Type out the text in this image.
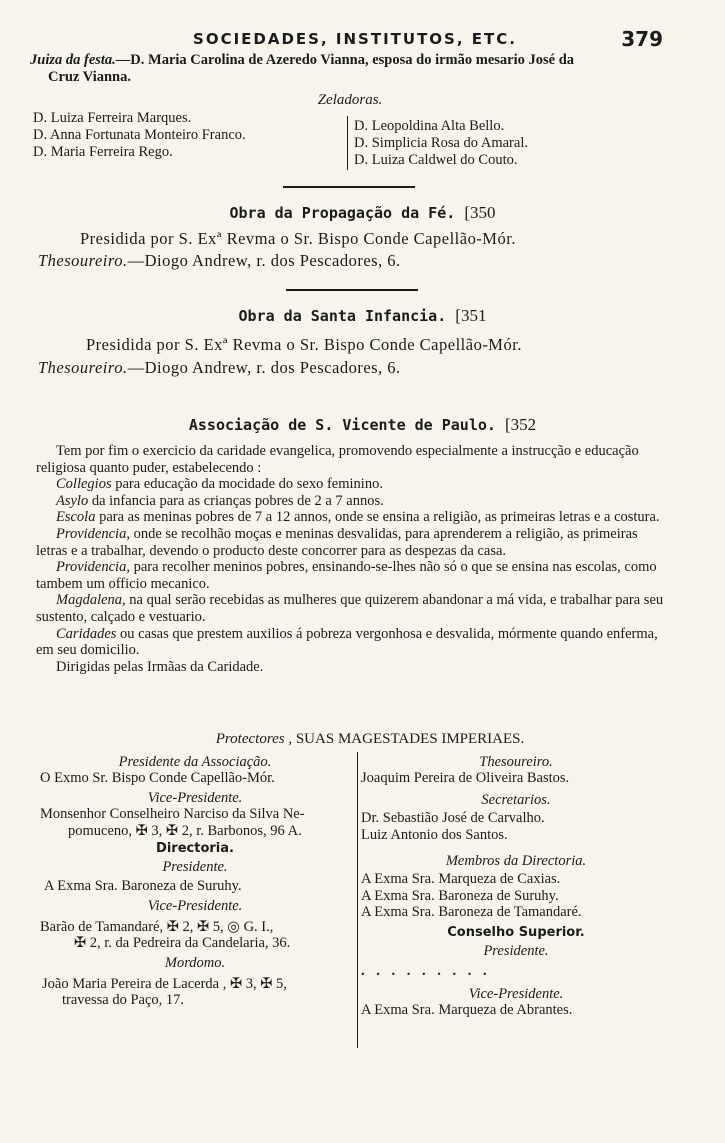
SOCIEDADES, INSTITUTOS, ETC.	379
Juiza da festa.—D. Maria Carolina de Azeredo Vianna, esposa do irmão mesario José da
Cruz Vianna.
Zeladoras.
D. Luiza Ferreira Marques.
D. Anna Fortunata Monteiro Franco.
D. Maria Ferreira Rego.
D. Leopoldina Alta Bello.
D. Simplicia Rosa do Amaral.
D. Luiza Caldwel do Couto.
Obra da Propagação da Fé. [350
Presidida por S. Exª Revma o Sr. Bispo Conde Capellão-Mór.
Thesoureiro.—Diogo Andrew, r. dos Pescadores, 6.
Obra da Santa Infancia. [351
Presidida por S. Exª Revma o Sr. Bispo Conde Capellão-Mór.
Thesoureiro.—Diogo Andrew, r. dos Pescadores, 6.
Associação de S. Vicente de Paulo. [352

Tem por fim o exercicio da caridade evangelica, promovendo especialmente a instrucção e educação religiosa quanto puder, estabelecendo :

Collegios para educação da mocidade do sexo feminino.

Asylo da infancia para as crianças pobres de 2 a 7 annos.

Escola para as meninas pobres de 7 a 12 annos, onde se ensina a religião, as primeiras letras e a costura.

Providencia, onde se recolhão moças e meninas desvalidas, para aprenderem a religião, as primeiras letras e a trabalhar, devendo o producto deste concorrer para as despezas da casa.

Providencia, para recolher meninos pobres, ensinando-se-lhes não só o que se ensina nas escolas, como tambem um officio mecanico.

Magdalena, na qual serão recebidas as mulheres que quizerem abandonar a má vida, e trabalhar para seu sustento, calçado e vestuario.

Caridades ou casas que prestem auxilios á pobreza vergonhosa e desvalida, mórmente quando enferma, em seu domicilio.

Dirigidas pelas Irmãas da Caridade.

Protectores , SUAS MAGESTADES IMPERIAES.

Presidente da Associação.

O Exmo Sr. Bispo Conde Capellão-Mór.

Vice-Presidente.

Monsenhor Conselheiro Narciso da Silva Ne-

pomuceno, ✠ 3, ✠ 2, r. Barbonos, 96 A.

Directoria.

Presidente.

A Exma Sra. Baroneza de Suruhy.

Vice-Presidente.

Barão de Tamandaré, ✠ 2, ✠ 5, ◎ G. I.,

✠ 2, r. da Pedreira da Candelaria, 36.

Mordomo.

João Maria Pereira de Lacerda , ✠ 3, ✠ 5,

travessa do Paço, 17.

Thesoureiro.

Joaquim Pereira de Oliveira Bastos.

Secretarios.

Dr. Sebastião José de Carvalho.

Luiz Antonio dos Santos.

Membros da Directoria.

A Exma Sra. Marqueza de Caxias.

A Exma Sra. Baroneza de Suruhy.

A Exma Sra. Baroneza de Tamandaré.

Conselho Superior.

Presidente.

. . . . . . . . .

Vice-Presidente.

A Exma Sra. Marqueza de Abrantes.
